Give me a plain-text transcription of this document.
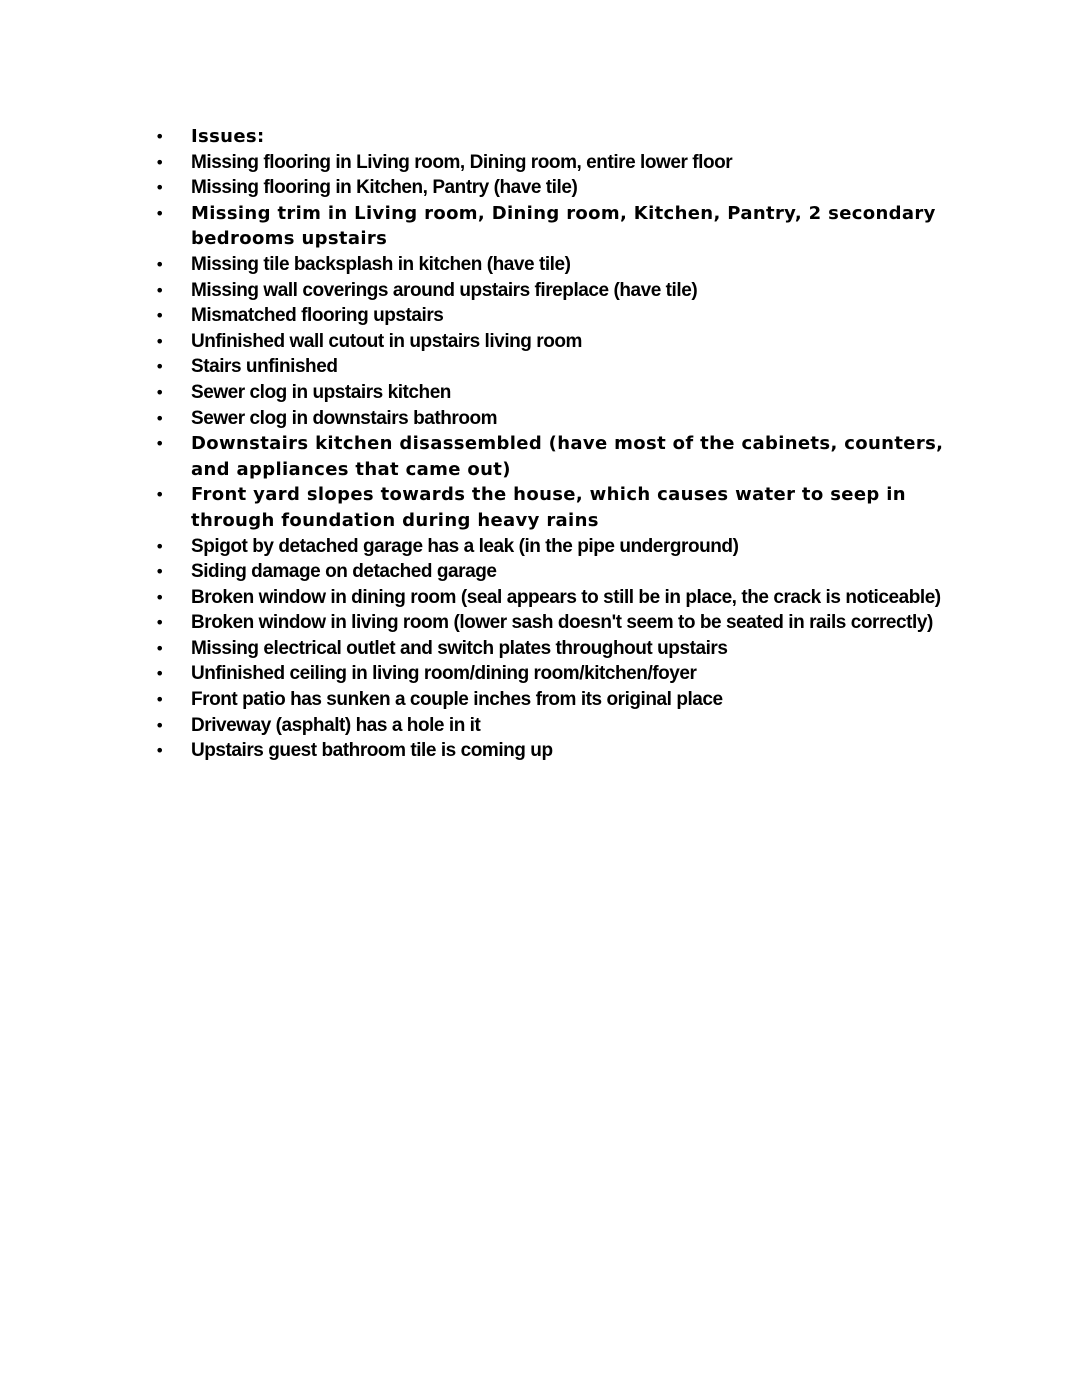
• Issues:
• Missing flooring in Living room, Dining room, entire lower floor
• Missing flooring in Kitchen, Pantry (have tile)
• Missing trim in Living room, Dining room, Kitchen, Pantry, 2 secondary bedrooms upstairs
• Missing tile backsplash in kitchen (have tile)
• Missing wall coverings around upstairs fireplace (have tile)
• Mismatched flooring upstairs
• Unfinished wall cutout in upstairs living room
• Stairs unfinished
• Sewer clog in upstairs kitchen
• Sewer clog in downstairs bathroom
• Downstairs kitchen disassembled (have most of the cabinets, counters, and appliances that came out)
• Front yard slopes towards the house, which causes water to seep in through foundation during heavy rains
• Spigot by detached garage has a leak (in the pipe underground)
• Siding damage on detached garage
• Broken window in dining room (seal appears to still be in place, the crack is noticeable)
• Broken window in living room (lower sash doesn't seem to be seated in rails correctly)
• Missing electrical outlet and switch plates throughout upstairs
• Unfinished ceiling in living room/dining room/kitchen/foyer
• Front patio has sunken a couple inches from its original place
• Driveway (asphalt) has a hole in it
• Upstairs guest bathroom tile is coming up
